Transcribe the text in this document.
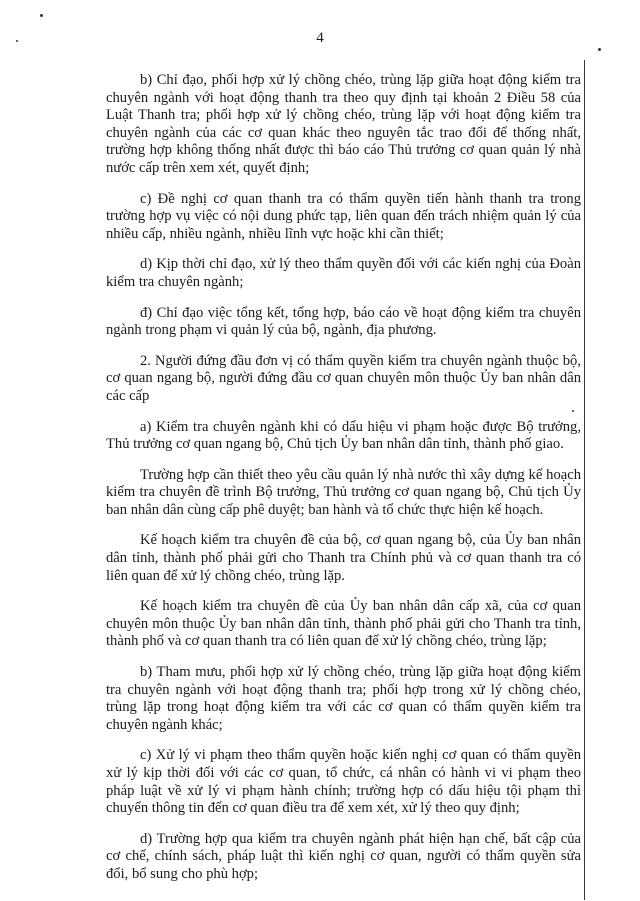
4

b) Chỉ đạo, phối hợp xử lý chồng chéo, trùng lặp giữa hoạt động kiểm tra chuyên ngành với hoạt động thanh tra theo quy định tại khoản 2 Điều 58 của Luật Thanh tra; phối hợp xử lý chồng chéo, trùng lặp với hoạt động kiểm tra chuyên ngành của các cơ quan khác theo nguyên tắc trao đổi để thống nhất, trường hợp không thống nhất được thì báo cáo Thủ trưởng cơ quan quản lý nhà nước cấp trên xem xét, quyết định;

c) Đề nghị cơ quan thanh tra có thẩm quyền tiến hành thanh tra trong trường hợp vụ việc có nội dung phức tạp, liên quan đến trách nhiệm quản lý của nhiều cấp, nhiều ngành, nhiều lĩnh vực hoặc khi cần thiết;

d) Kịp thời chỉ đạo, xử lý theo thẩm quyền đối với các kiến nghị của Đoàn kiểm tra chuyên ngành;

đ) Chỉ đạo việc tổng kết, tổng hợp, báo cáo về hoạt động kiểm tra chuyên ngành trong phạm vi quản lý của bộ, ngành, địa phương.

2. Người đứng đầu đơn vị có thẩm quyền kiểm tra chuyên ngành thuộc bộ, cơ quan ngang bộ, người đứng đầu cơ quan chuyên môn thuộc Ủy ban nhân dân các cấp

a) Kiểm tra chuyên ngành khi có dấu hiệu vi phạm hoặc được Bộ trưởng, Thủ trưởng cơ quan ngang bộ, Chủ tịch Ủy ban nhân dân tỉnh, thành phố giao.

Trường hợp cần thiết theo yêu cầu quản lý nhà nước thì xây dựng kế hoạch kiểm tra chuyên đề trình Bộ trưởng, Thủ trưởng cơ quan ngang bộ, Chủ tịch Ủy ban nhân dân cùng cấp phê duyệt; ban hành và tổ chức thực hiện kế hoạch.

Kế hoạch kiểm tra chuyên đề của bộ, cơ quan ngang bộ, của Ủy ban nhân dân tỉnh, thành phố phải gửi cho Thanh tra Chính phủ và cơ quan thanh tra có liên quan để xử lý chồng chéo, trùng lặp.

Kế hoạch kiểm tra chuyên đề của Ủy ban nhân dân cấp xã, của cơ quan chuyên môn thuộc Ủy ban nhân dân tỉnh, thành phố phải gửi cho Thanh tra tỉnh, thành phố và cơ quan thanh tra có liên quan để xử lý chồng chéo, trùng lặp;

b) Tham mưu, phối hợp xử lý chồng chéo, trùng lặp giữa hoạt động kiểm tra chuyên ngành với hoạt động thanh tra; phối hợp trong xử lý chồng chéo, trùng lặp trong hoạt động kiểm tra với các cơ quan có thẩm quyền kiểm tra chuyên ngành khác;

c) Xử lý vi phạm theo thẩm quyền hoặc kiến nghị cơ quan có thẩm quyền xử lý kịp thời đối với các cơ quan, tổ chức, cá nhân có hành vi vi phạm theo pháp luật về xử lý vi phạm hành chính; trường hợp có dấu hiệu tội phạm thì chuyển thông tin đến cơ quan điều tra để xem xét, xử lý theo quy định;

d) Trường hợp qua kiểm tra chuyên ngành phát hiện hạn chế, bất cập của cơ chế, chính sách, pháp luật thì kiến nghị cơ quan, người có thẩm quyền sửa đổi, bổ sung cho phù hợp;
